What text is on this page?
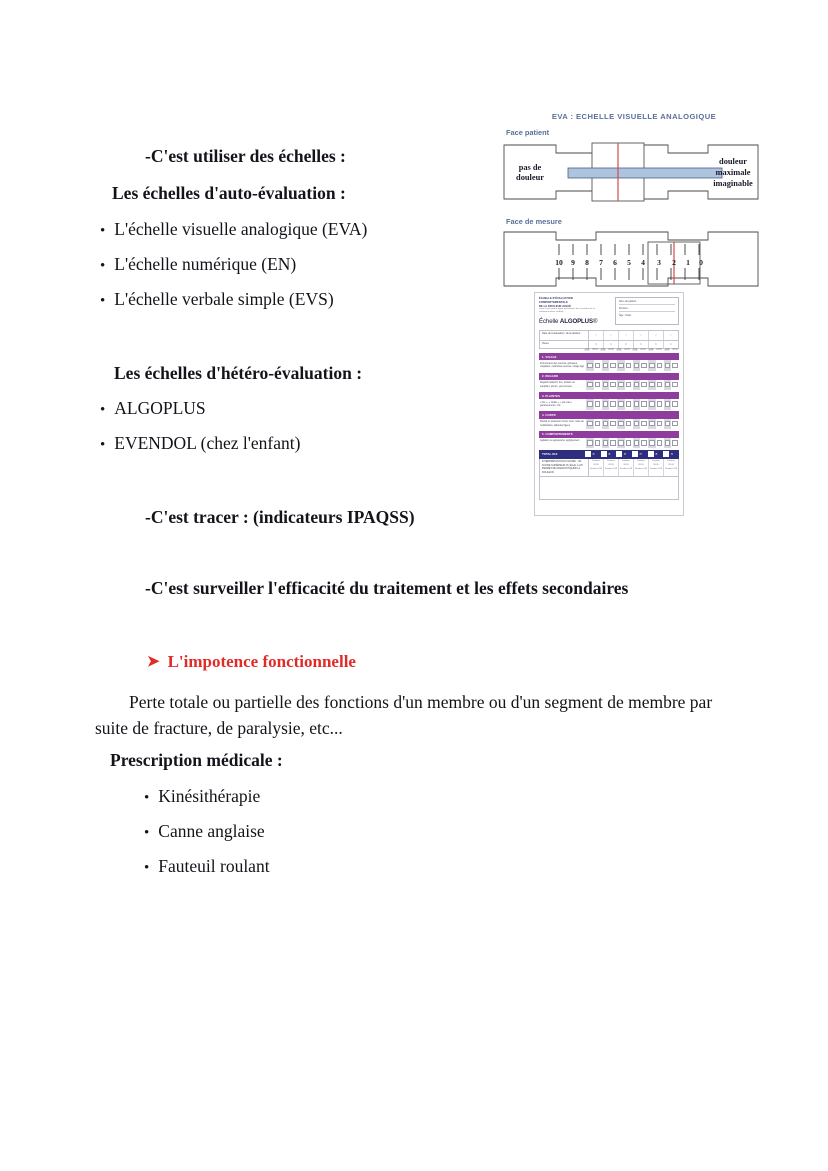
-C'est utiliser des échelles :
Les échelles d'auto-évaluation :
• L'échelle visuelle analogique (EVA)
• L'échelle numérique (EN)
• L'échelle verbale simple (EVS)
Les échelles d'hétéro-évaluation :
• ALGOPLUS
• EVENDOL (chez l'enfant)
-C'est tracer : (indicateurs IPAQSS)
-C'est surveiller l'efficacité du traitement et les effets secondaires
➤ L'impotence fonctionnelle
Perte totale ou partielle des fonctions d'un membre ou d'un segment de membre par suite de fracture, de paralysie, etc...
Prescription médicale :
• Kinésithérapie
• Canne anglaise
• Fauteuil roulant
EVA : ECHELLE VISUELLE ANALOGIQUE
Face patient
pas de
douleur
douleur
maximale
imaginable
Face de mesure
10 9 8 7 6 5 4 3 2 1 0
ÉCHELLE D'ÉVALUATION
COMPORTEMENTALE
DE LA DOULEUR AIGUË
chez la personne âgée présentant des troubles de la communication verbale
Échelle ALGOPLUS®
Nom du patient :
Prénom :
Âge : Date :
Date de l'évaluation / de la douleur	/	/	/	/	/	/
Heure	h	h	h	h	h	h
OUI NON OUI NON OUI NON OUI NON OUI NON OUI NON
1. VISAGE
Froncement des sourcils, grimaces, crispation, mâchoires serrées, visage figé
2. REGARD
Regard inattentif, fixe, lointain ou suppliant, pleurs, yeux fermés
3. PLAINTES
« Aïe », « Ouille », « j'ai mal », gémissements, cris
4. CORPS
Retrait ou protection d'une zone, refus de mobilisation, attitudes figées
5. COMPORTEMENTS
Agitation ou agressivité, agrippement
TOTAL OUI	/5	/5	/5	/5	/5	/5
INTERPRÉTATION DU SCORE : UN SCORE SUPÉRIEUR OU ÉGAL À 2/5 PERMET DE DIAGNOSTIQUER LA DOULEUR
Douleur NON Douleur OUI
Douleur NON Douleur OUI
Douleur NON Douleur OUI
Douleur NON Douleur OUI
Douleur NON Douleur OUI
Douleur NON Douleur OUI
